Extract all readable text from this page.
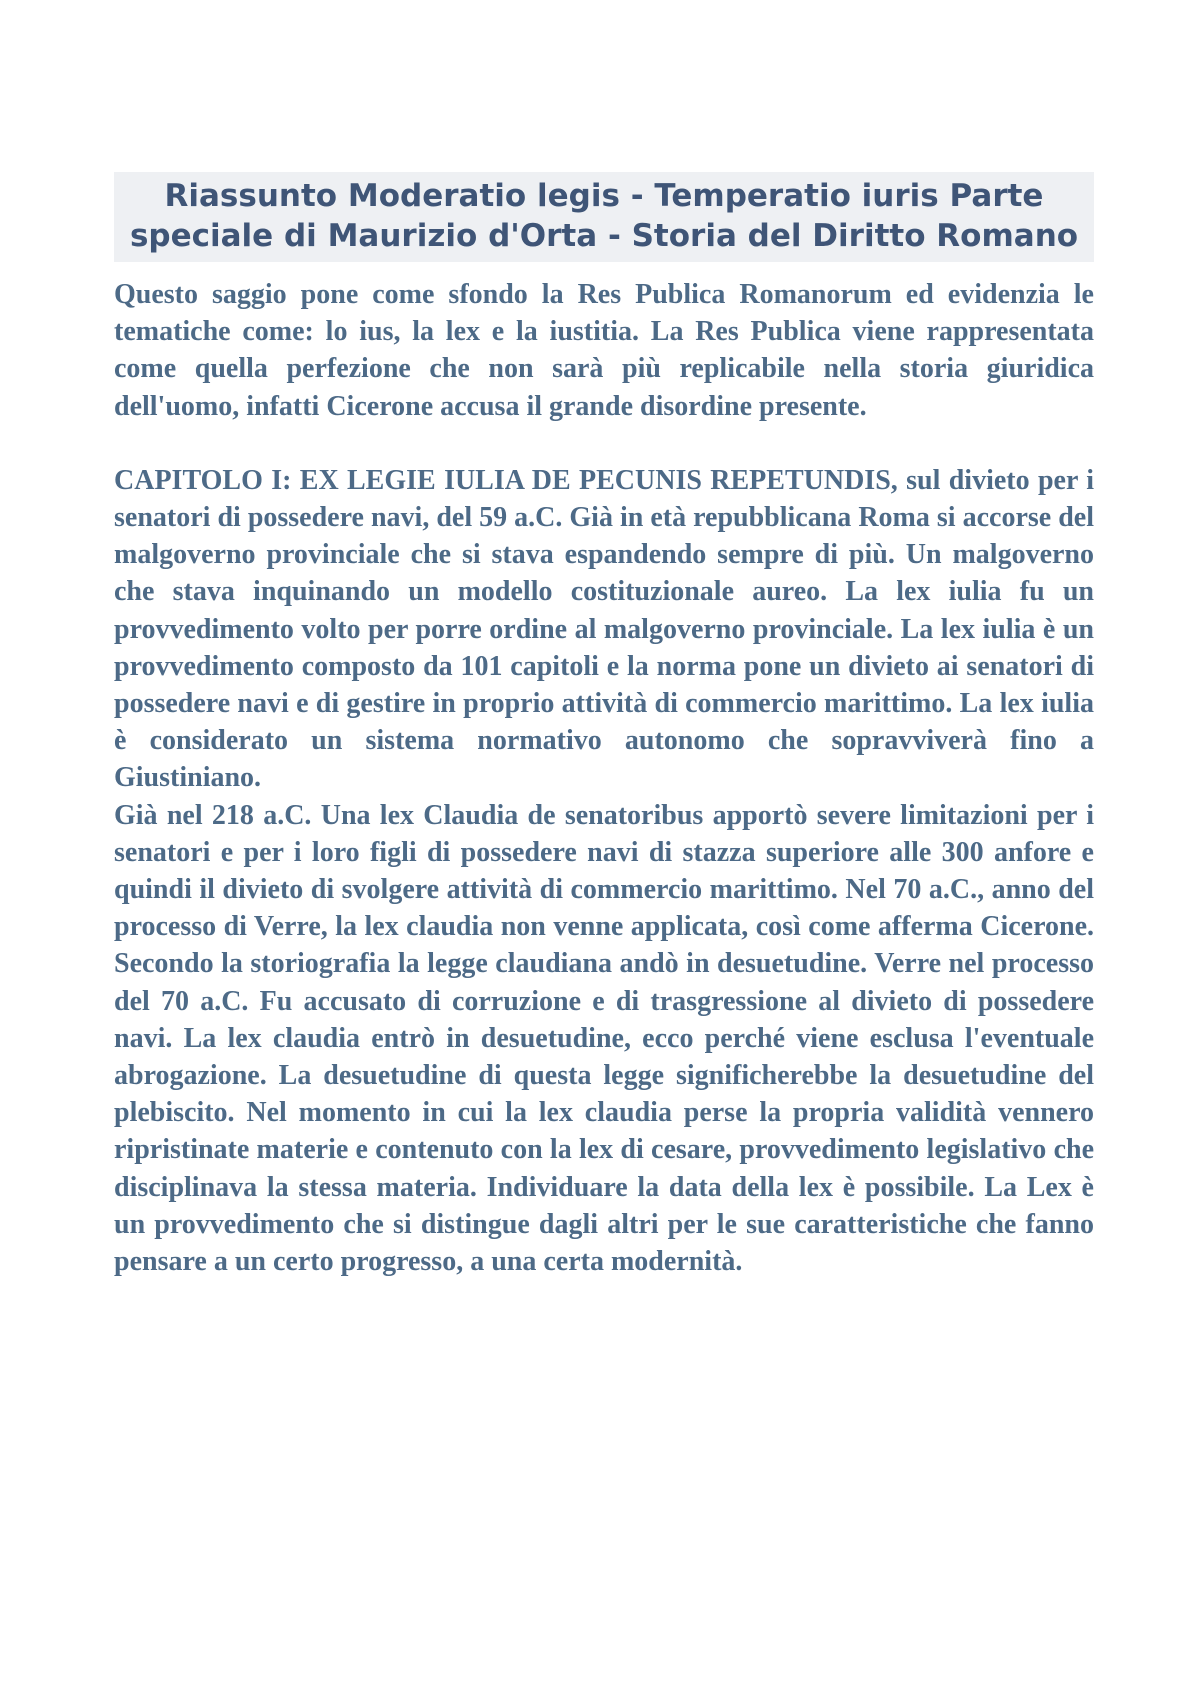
Riassunto Moderatio legis - Temperatio iuris Parte speciale di Maurizio d'Orta - Storia del Diritto Romano

Questo saggio pone come sfondo la Res Publica Romanorum ed evidenzia le tematiche come: lo ius, la lex e la iustitia. La Res Publica viene rappresentata come quella perfezione che non sarà più replicabile nella storia giuridica dell'uomo, infatti Cicerone accusa il grande disordine presente.

CAPITOLO I: EX LEGIE IULIA DE PECUNIS REPETUNDIS, sul divieto per i senatori di possedere navi, del 59 a.C. Già in età repubblicana Roma si accorse del malgoverno provinciale che si stava espandendo sempre di più. Un malgoverno che stava inquinando un modello costituzionale aureo. La lex iulia fu un provvedimento volto per porre ordine al malgoverno provinciale. La lex iulia è un provvedimento composto da 101 capitoli e la norma pone un divieto ai senatori di possedere navi e di gestire in proprio attività di commercio marittimo. La lex iulia è considerato un sistema normativo autonomo che sopravviverà fino a Giustiniano.

Già nel 218 a.C. Una lex Claudia de senatoribus apportò severe limitazioni per i senatori e per i loro figli di possedere navi di stazza superiore alle 300 anfore e quindi il divieto di svolgere attività di commercio marittimo. Nel 70 a.C., anno del processo di Verre, la lex claudia non venne applicata, così come afferma Cicerone. Secondo la storiografia la legge claudiana andò in desuetudine. Verre nel processo del 70 a.C. Fu accusato di corruzione e di trasgressione al divieto di possedere navi. La lex claudia entrò in desuetudine, ecco perché viene esclusa l'eventuale abrogazione. La desuetudine di questa legge significherebbe la desuetudine del plebiscito. Nel momento in cui la lex claudia perse la propria validità vennero ripristinate materie e contenuto con la lex di cesare, provvedimento legislativo che disciplinava la stessa materia. Individuare la data della lex è possibile. La Lex è un provvedimento che si distingue dagli altri per le sue caratteristiche che fanno pensare a un certo progresso, a una certa modernità.
